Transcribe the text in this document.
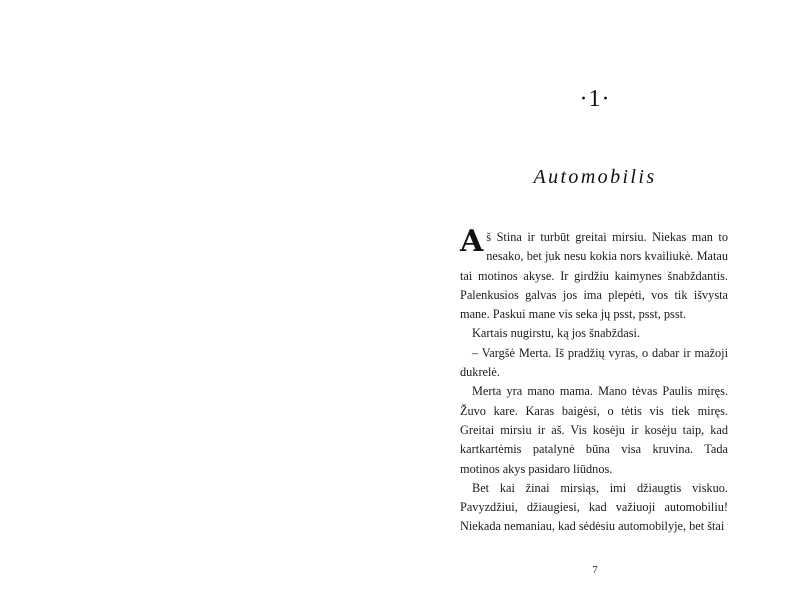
·1·
Automobilis

Aš Stina ir turbūt greitai mirsiu. Niekas man to nesako, bet juk nesu kokia nors kvailiukė. Matau tai motinos akyse. Ir girdžiu kaimynes šnabždantis. Palenkusios galvas jos ima plepėti, vos tik išvysta mane. Paskui mane vis seka jų psst, psst, psst.

Kartais nugirstu, ką jos šnabždasi.

– Vargšė Merta. Iš pradžių vyras, o dabar ir mažoji dukrelė.

Merta yra mano mama. Mano tėvas Paulis miręs. Žuvo kare. Karas baigėsi, o tėtis vis tiek miręs. Greitai mirsiu ir aš. Vis kosėju ir kosėju taip, kad kartkartėmis patalynė būna visa kruvina. Tada motinos akys pasidaro liūdnos.

Bet kai žinai mirsiąs, imi džiaugtis viskuo. Pavyzdžiui, džiaugiesi, kad važiuoji automobiliu! Niekada nemaniau, kad sėdėsiu automobilyje, bet štai

7
